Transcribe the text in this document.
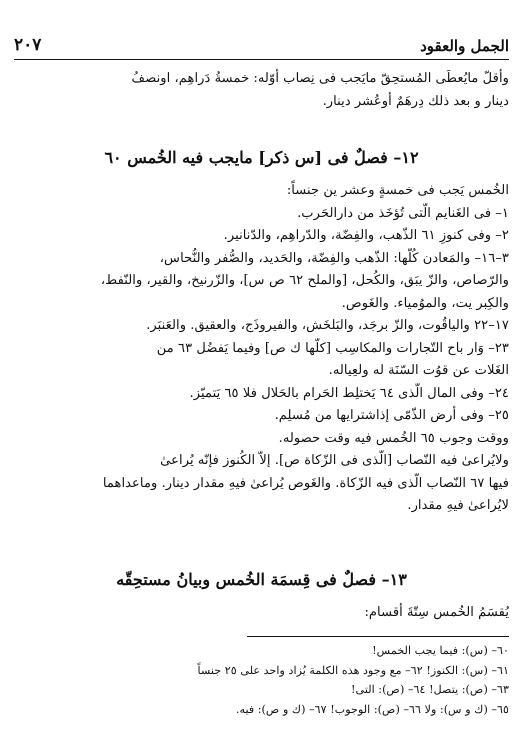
الجمل والعقود
٢٠٧
وأقلّ مايُعطَى المُستحِقّ مايَجب فى نِصاب أوّله: خمسةُ دَراهِم، اونصفُ
دينار و بعد ذلك دِرهَمٌ أوعُشر دينار.
١٢– فصلٌ فى [س ذكر] مايجب فيه الخُمس ٦٠
الخُمس يَجب فى خمسةٍ وعشر ين جنساً:
١– فى الغَنايم الّتى تُؤخَذ من دارالحَرب.
٢– وفى كنوزِ ٦١ الذّهب، والفِضّة، والدّراهِم، والدّنانير.
٣–١٦– والمَعادن كُلّها: الذّهب والفِضّة، والحَديد، والصُّفر والنُّحاس،
والرّصاص، والزّ يبَق، والكُحل، [والملح ٦٢ ص س]، والزّرنيخ، والقير، والنّفط،
والكِبر يت، والموُمياء. والغَوص.
١٧–٢٢ والياقُوت، والزّ برجَد، والبَلخَش، والفيروذَج، والعقيق. والعَنبَر.
٢٣– وَار باح التّجارات والمكاسِب [كلّها ك ص] وفيما يَفضُل ٦٣ من
الغَلات عن قوُت السّنَة له ولعِياله.
٢٤– وفى المال الّذى ٦٤ يَختلِط الحَرام بالحَلال فلا ٦٥ يَتميّز.
٢٥– وفى أرض الذّمّى إذاشترايها من مُسلِم.
ووقت وجوب ٦٥ الخُمس فيه وقت حصوله.
ولايُراعىٰ فيه النّصاب [الّذى فى الزّكاة ص]. إلاّ الكُنوز فإنّه يُراعىٰ
فيها ٦٧ النّصاب الّذى فيه الزّكاة. والغَوص يُراعىٰ فيهِ مقدار دينار. وماعداهما
لايُراعىٰ فيهِ مقدار.
١٣– فصلٌ فى قِسمَة الخُمس وبيانُ مستحِقّه
يُقسَمُ الخُمس سِتّةَ أقسام:
٦٠– (س): فيما يجب الخمس!
٦١– (س): الكنوز! ٦٢– مع وجود هذه الكلمة يُزاد واحد على ٢٥ جنساً
٦٣– (ص): يتصل! ٦٤– (ص): التى!
٦٥– (ك و س): ولا ٦٦– (ص): الوجوب! ٦٧– (ك و ص): فيه.
